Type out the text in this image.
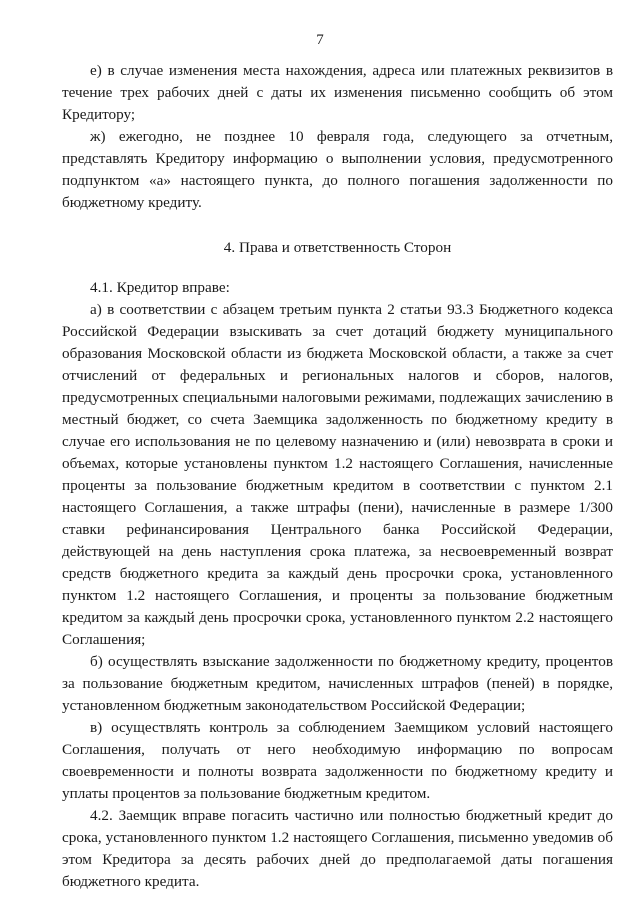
7

е) в случае изменения места нахождения, адреса или платежных реквизитов в течение трех рабочих дней с даты их изменения письменно сообщить об этом Кредитору;

ж) ежегодно, не позднее 10 февраля года, следующего за отчетным, представлять Кредитору информацию о выполнении условия, предусмотренного подпунктом «а» настоящего пункта, до полного погашения задолженности по бюджетному кредиту.

4. Права и ответственность Сторон

4.1. Кредитор вправе:

а) в соответствии с абзацем третьим пункта 2 статьи 93.3 Бюджетного кодекса Российской Федерации взыскивать за счет дотаций бюджету муниципального образования Московской области из бюджета Московской области, а также за счет отчислений от федеральных и региональных налогов и сборов, налогов, предусмотренных специальными налоговыми режимами, подлежащих зачислению в местный бюджет, со счета Заемщика задолженность по бюджетному кредиту в случае его использования не по целевому назначению и (или) невозврата в сроки и объемах, которые установлены пунктом 1.2 настоящего Соглашения, начисленные проценты за пользование бюджетным кредитом в соответствии с пунктом 2.1 настоящего Соглашения, а также штрафы (пени), начисленные в размере 1/300 ставки рефинансирования Центрального банка Российской Федерации, действующей на день наступления срока платежа, за несвоевременный возврат средств бюджетного кредита за каждый день просрочки срока, установленного пунктом 1.2 настоящего Соглашения, и проценты за пользование бюджетным кредитом за каждый день просрочки срока, установленного пунктом 2.2 настоящего Соглашения;

б) осуществлять взыскание задолженности по бюджетному кредиту, процентов за пользование бюджетным кредитом, начисленных штрафов (пеней) в порядке, установленном бюджетным законодательством Российской Федерации;

в) осуществлять контроль за соблюдением Заемщиком условий настоящего Соглашения, получать от него необходимую информацию по вопросам своевременности и полноты возврата задолженности по бюджетному кредиту и уплаты процентов за пользование бюджетным кредитом.

4.2. Заемщик вправе погасить частично или полностью бюджетный кредит до срока, установленного пунктом 1.2 настоящего Соглашения, письменно уведомив об этом Кредитора за десять рабочих дней до предполагаемой даты погашения бюджетного кредита.
